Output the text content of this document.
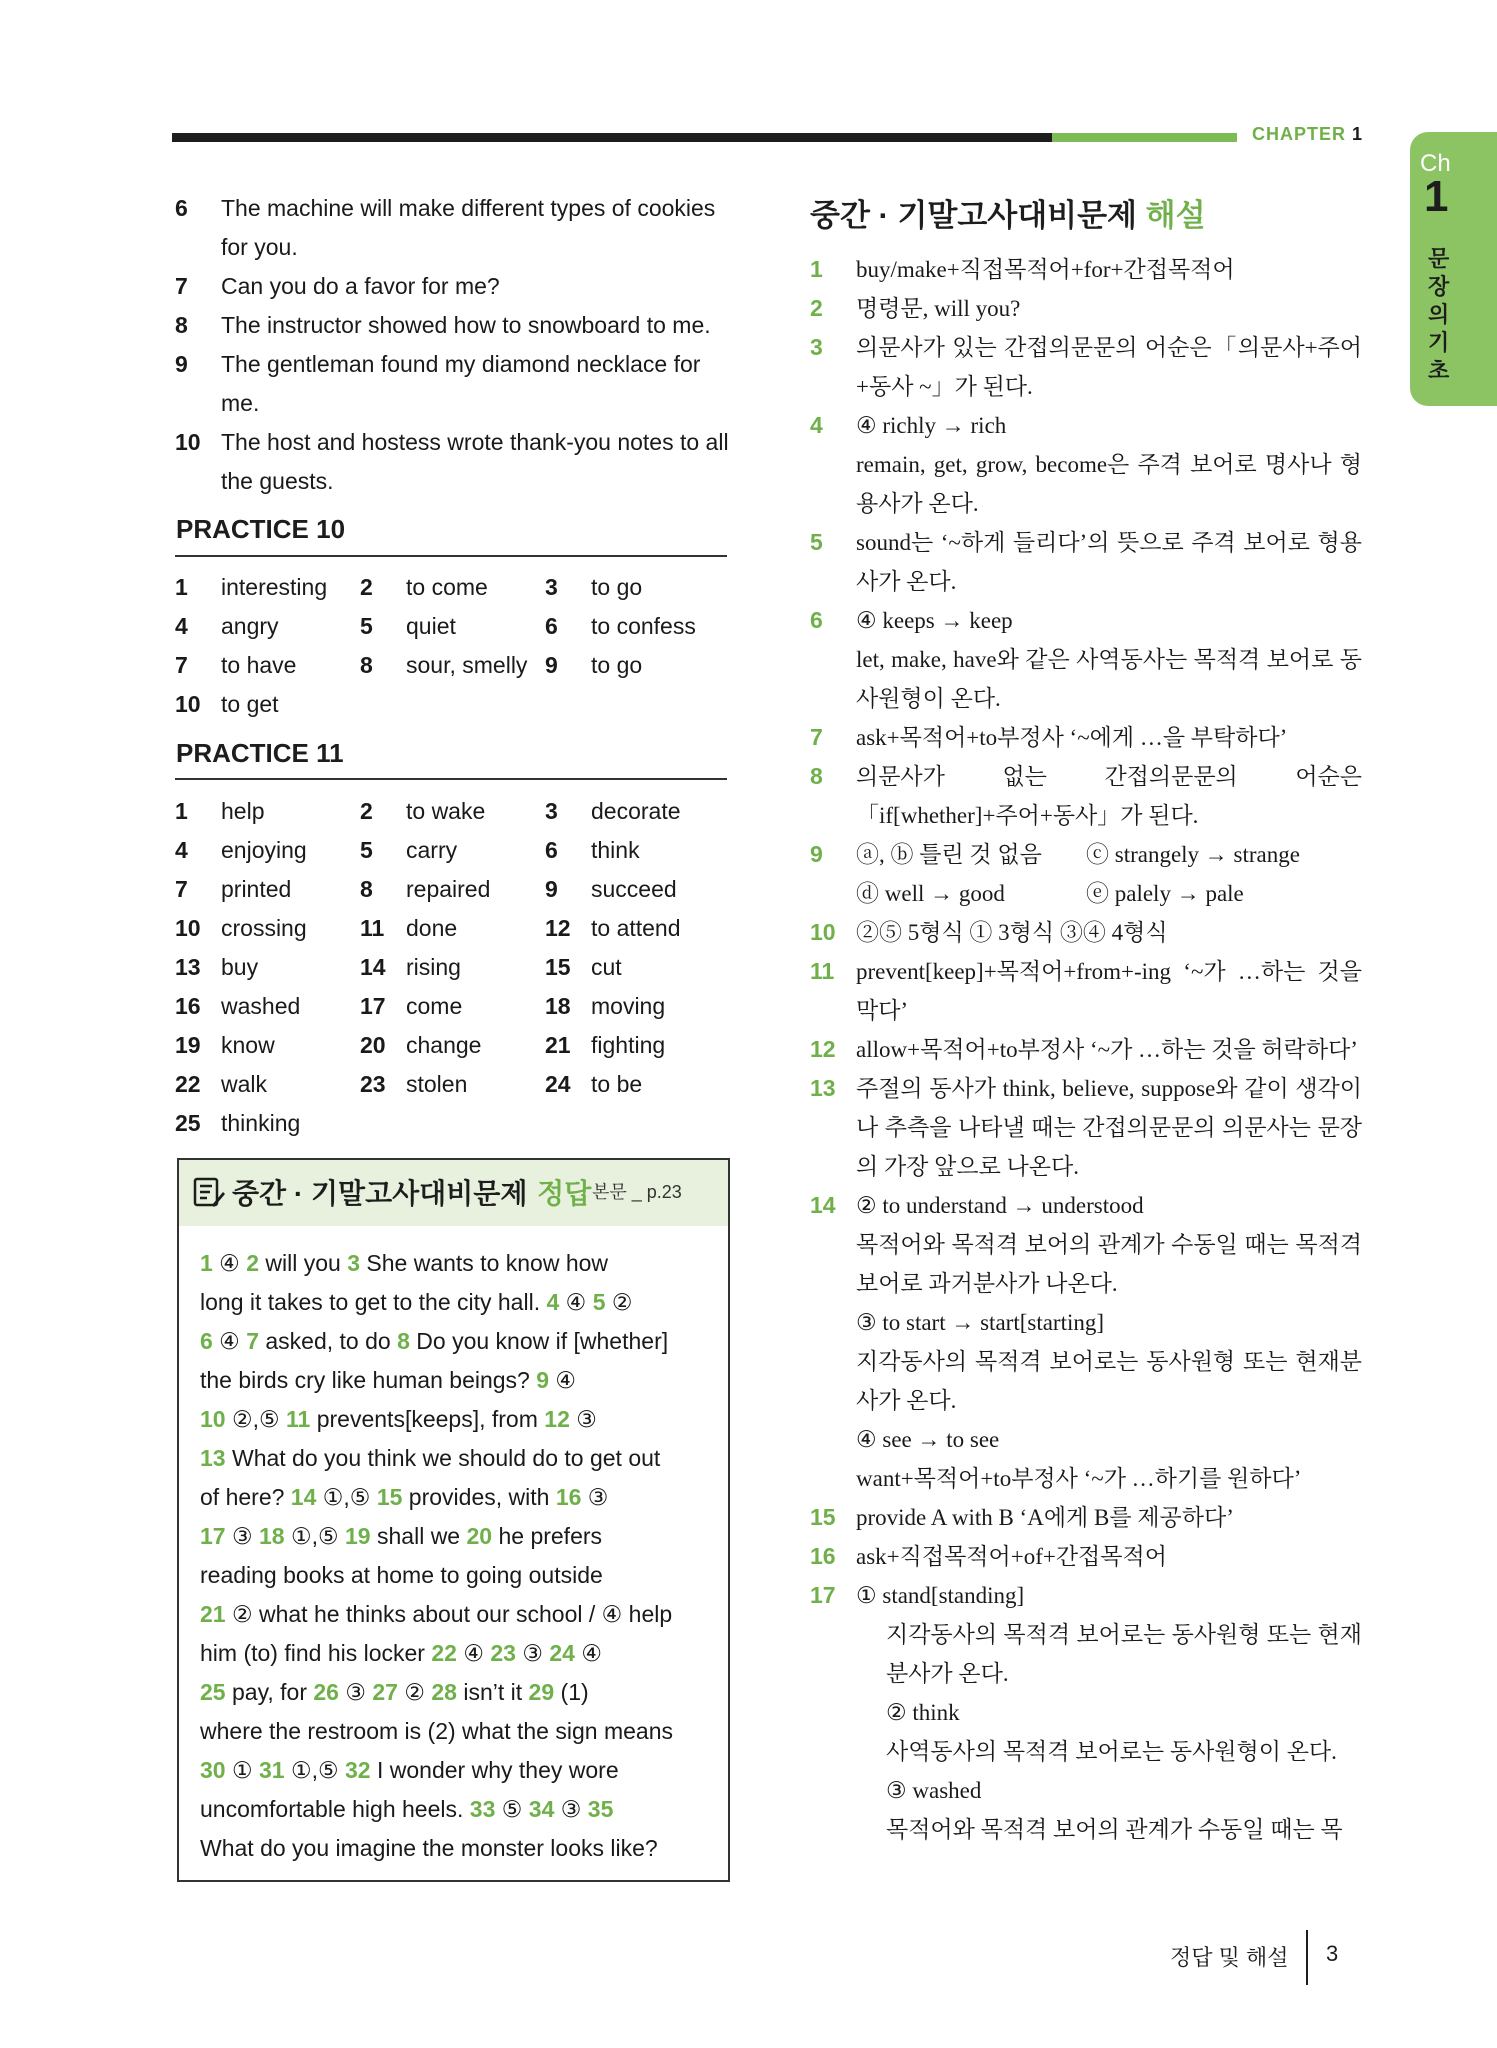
CHAPTER 1
Ch
1
문장의기초
6	The machine will make different types of cookies for you.
7	Can you do a favor for me?
8	The instructor showed how to snowboard to me.
9	The gentleman found my diamond necklace for me.
10 The host and hostess wrote thank-you notes to all the guests.
PRACTICE 10
1	interesting 2	to come 3	to go
4	angry	5	quiet	6	to confess
7	to have	8	sour, smelly 9	to go
10 to get
PRACTICE 11
1	help	2	to wake	3	decorate
4	enjoying 5	carry	6	think
7	printed	8	repaired 9	succeed
10 crossing 11 done	12 to attend
13 buy	14 rising	15 cut
16 washed	17 come	18 moving
19 know	20 change	21 fighting
22 walk	23 stolen	24 to be
25 thinking
중간 · 기말고사대비문제 정답 본문 _ p.23
1 ④ 2 will you 3 She wants to know how
long it takes to get to the city hall. 4 ④ 5 ②
6 ④ 7 asked, to do 8 Do you know if [whether]
the birds cry like human beings? 9 ④
10 ②,⑤ 11 prevents[keeps], from 12 ③
13 What do you think we should do to get out
of here? 14 ①,⑤ 15 provides, with 16 ③
17 ③ 18 ①,⑤ 19 shall we 20 he prefers
reading books at home to going outside
21 ② what he thinks about our school / ④ help
him (to) find his locker 22 ④ 23 ③ 24 ④
25 pay, for 26 ③ 27 ② 28 isn’t it 29 (1)
where the restroom is (2) what the sign means
30 ① 31 ①,⑤ 32 I wonder why they wore
uncomfortable high heels. 33 ⑤ 34 ③ 35
What do you imagine the monster looks like?
중간 · 기말고사대비문제 해설
1	buy/make+직접목적어+for+간접목적어
2	명령문, will you?
3	의문사가 있는 간접의문문의 어순은「의문사+주어+동사 ~」가 된다.
4	④ richly → rich
remain, get, grow, become은 주격 보어로 명사나 형용사가 온다.
5	sound는 ‘~하게 들리다’의 뜻으로 주격 보어로 형용사가 온다.
6	④ keeps → keep
let, make, have와 같은 사역동사는 목적격 보어로 동사원형이 온다.
7	ask+목적어+to부정사 ‘~에게 …을 부탁하다’
8	의문사가 없는 간접의문문의 어순은「if[whether]+주어+동사」가 된다.
9	ⓐ, ⓑ 틀린 것 없음	ⓒ strangely → strange
ⓓ well → good	ⓔ palely → pale
10 ②⑤ 5형식 ① 3형식 ③④ 4형식
11 prevent[keep]+목적어+from+-ing ‘~가 …하는 것을 막다’
12 allow+목적어+to부정사 ‘~가 …하는 것을 허락하다’
13 주절의 동사가 think, believe, suppose와 같이 생각이나 추측을 나타낼 때는 간접의문문의 의문사는 문장의 가장 앞으로 나온다.
14 ② to understand → understood
목적어와 목적격 보어의 관계가 수동일 때는 목적격 보어로 과거분사가 나온다.
③ to start → start[starting]
지각동사의 목적격 보어로는 동사원형 또는 현재분사가 온다.
④ see → to see
want+목적어+to부정사 ‘~가 …하기를 원하다’
15 provide A with B ‘A에게 B를 제공하다’
16 ask+직접목적어+of+간접목적어
17 ① stand[standing]
지각동사의 목적격 보어로는 동사원형 또는 현재분사가 온다.
② think
사역동사의 목적격 보어로는 동사원형이 온다.
③ washed
목적어와 목적격 보어의 관계가 수동일 때는 목
정답 및 해설 3
